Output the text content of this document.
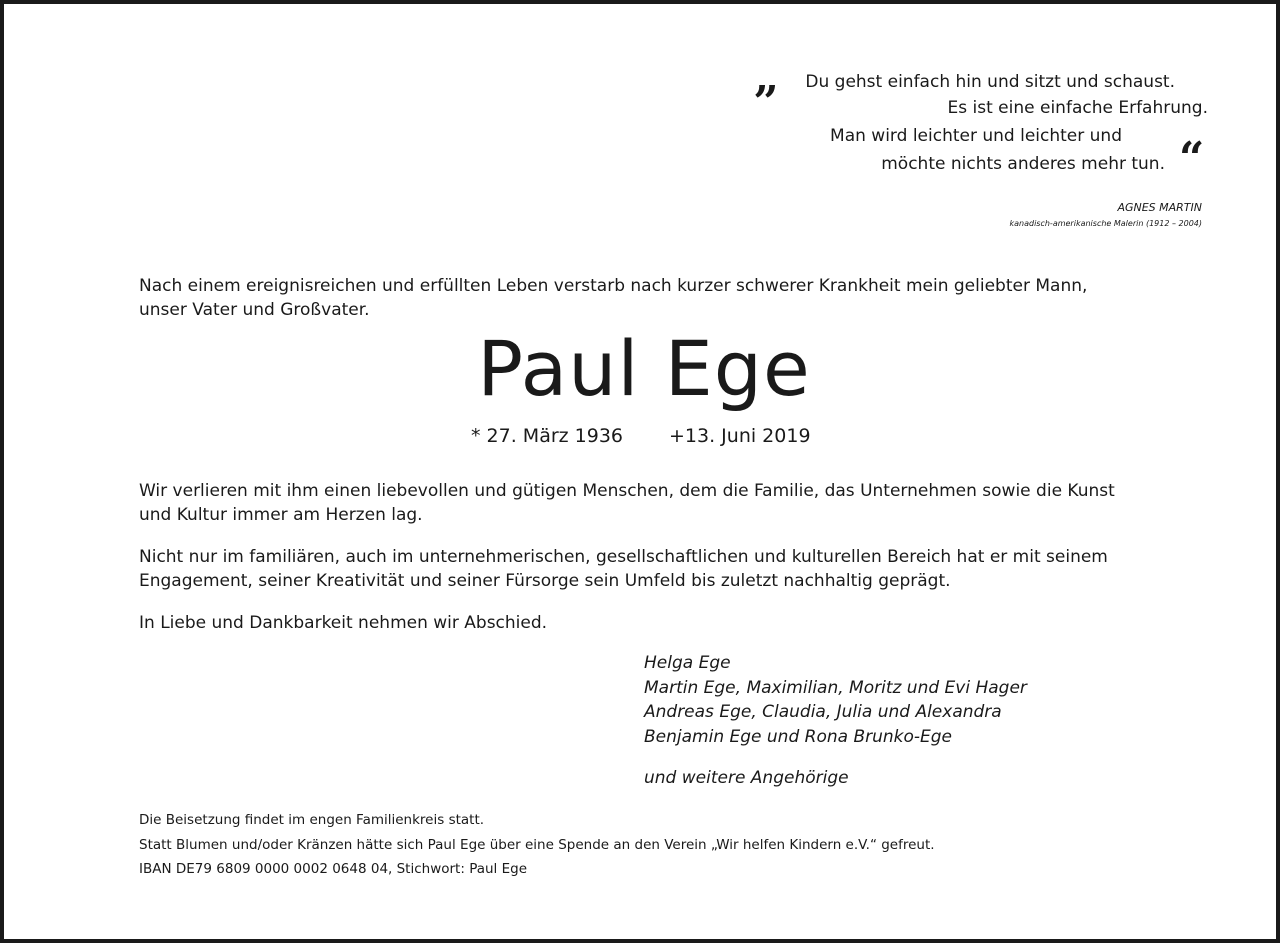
„ Du gehst einfach hin und sitzt und schaust.
Es ist eine einfache Erfahrung.
Man wird leichter und leichter und
möchte nichts anderes mehr tun. “
AGNES MARTIN
kanadisch-amerikanische Malerin (1912 – 2004)
Nach einem ereignisreichen und erfüllten Leben verstarb nach kurzer schwerer Krankheit mein geliebter Mann, unser Vater und Großvater.
Paul Ege
* 27. März 1936 +13. Juni 2019
Wir verlieren mit ihm einen liebevollen und gütigen Menschen, dem die Familie, das Unternehmen sowie die Kunst und Kultur immer am Herzen lag.
Nicht nur im familiären, auch im unternehmerischen, gesellschaftlichen und kulturellen Bereich hat er mit seinem Engagement, seiner Kreativität und seiner Fürsorge sein Umfeld bis zuletzt nachhaltig geprägt.
In Liebe und Dankbarkeit nehmen wir Abschied.
Helga Ege
Martin Ege, Maximilian, Moritz und Evi Hager
Andreas Ege, Claudia, Julia und Alexandra
Benjamin Ege und Rona Brunko-Ege
und weitere Angehörige
Die Beisetzung findet im engen Familienkreis statt.
Statt Blumen und/oder Kränzen hätte sich Paul Ege über eine Spende an den Verein „Wir helfen Kindern e.V.“ gefreut.
IBAN DE79 6809 0000 0002 0648 04, Stichwort: Paul Ege
